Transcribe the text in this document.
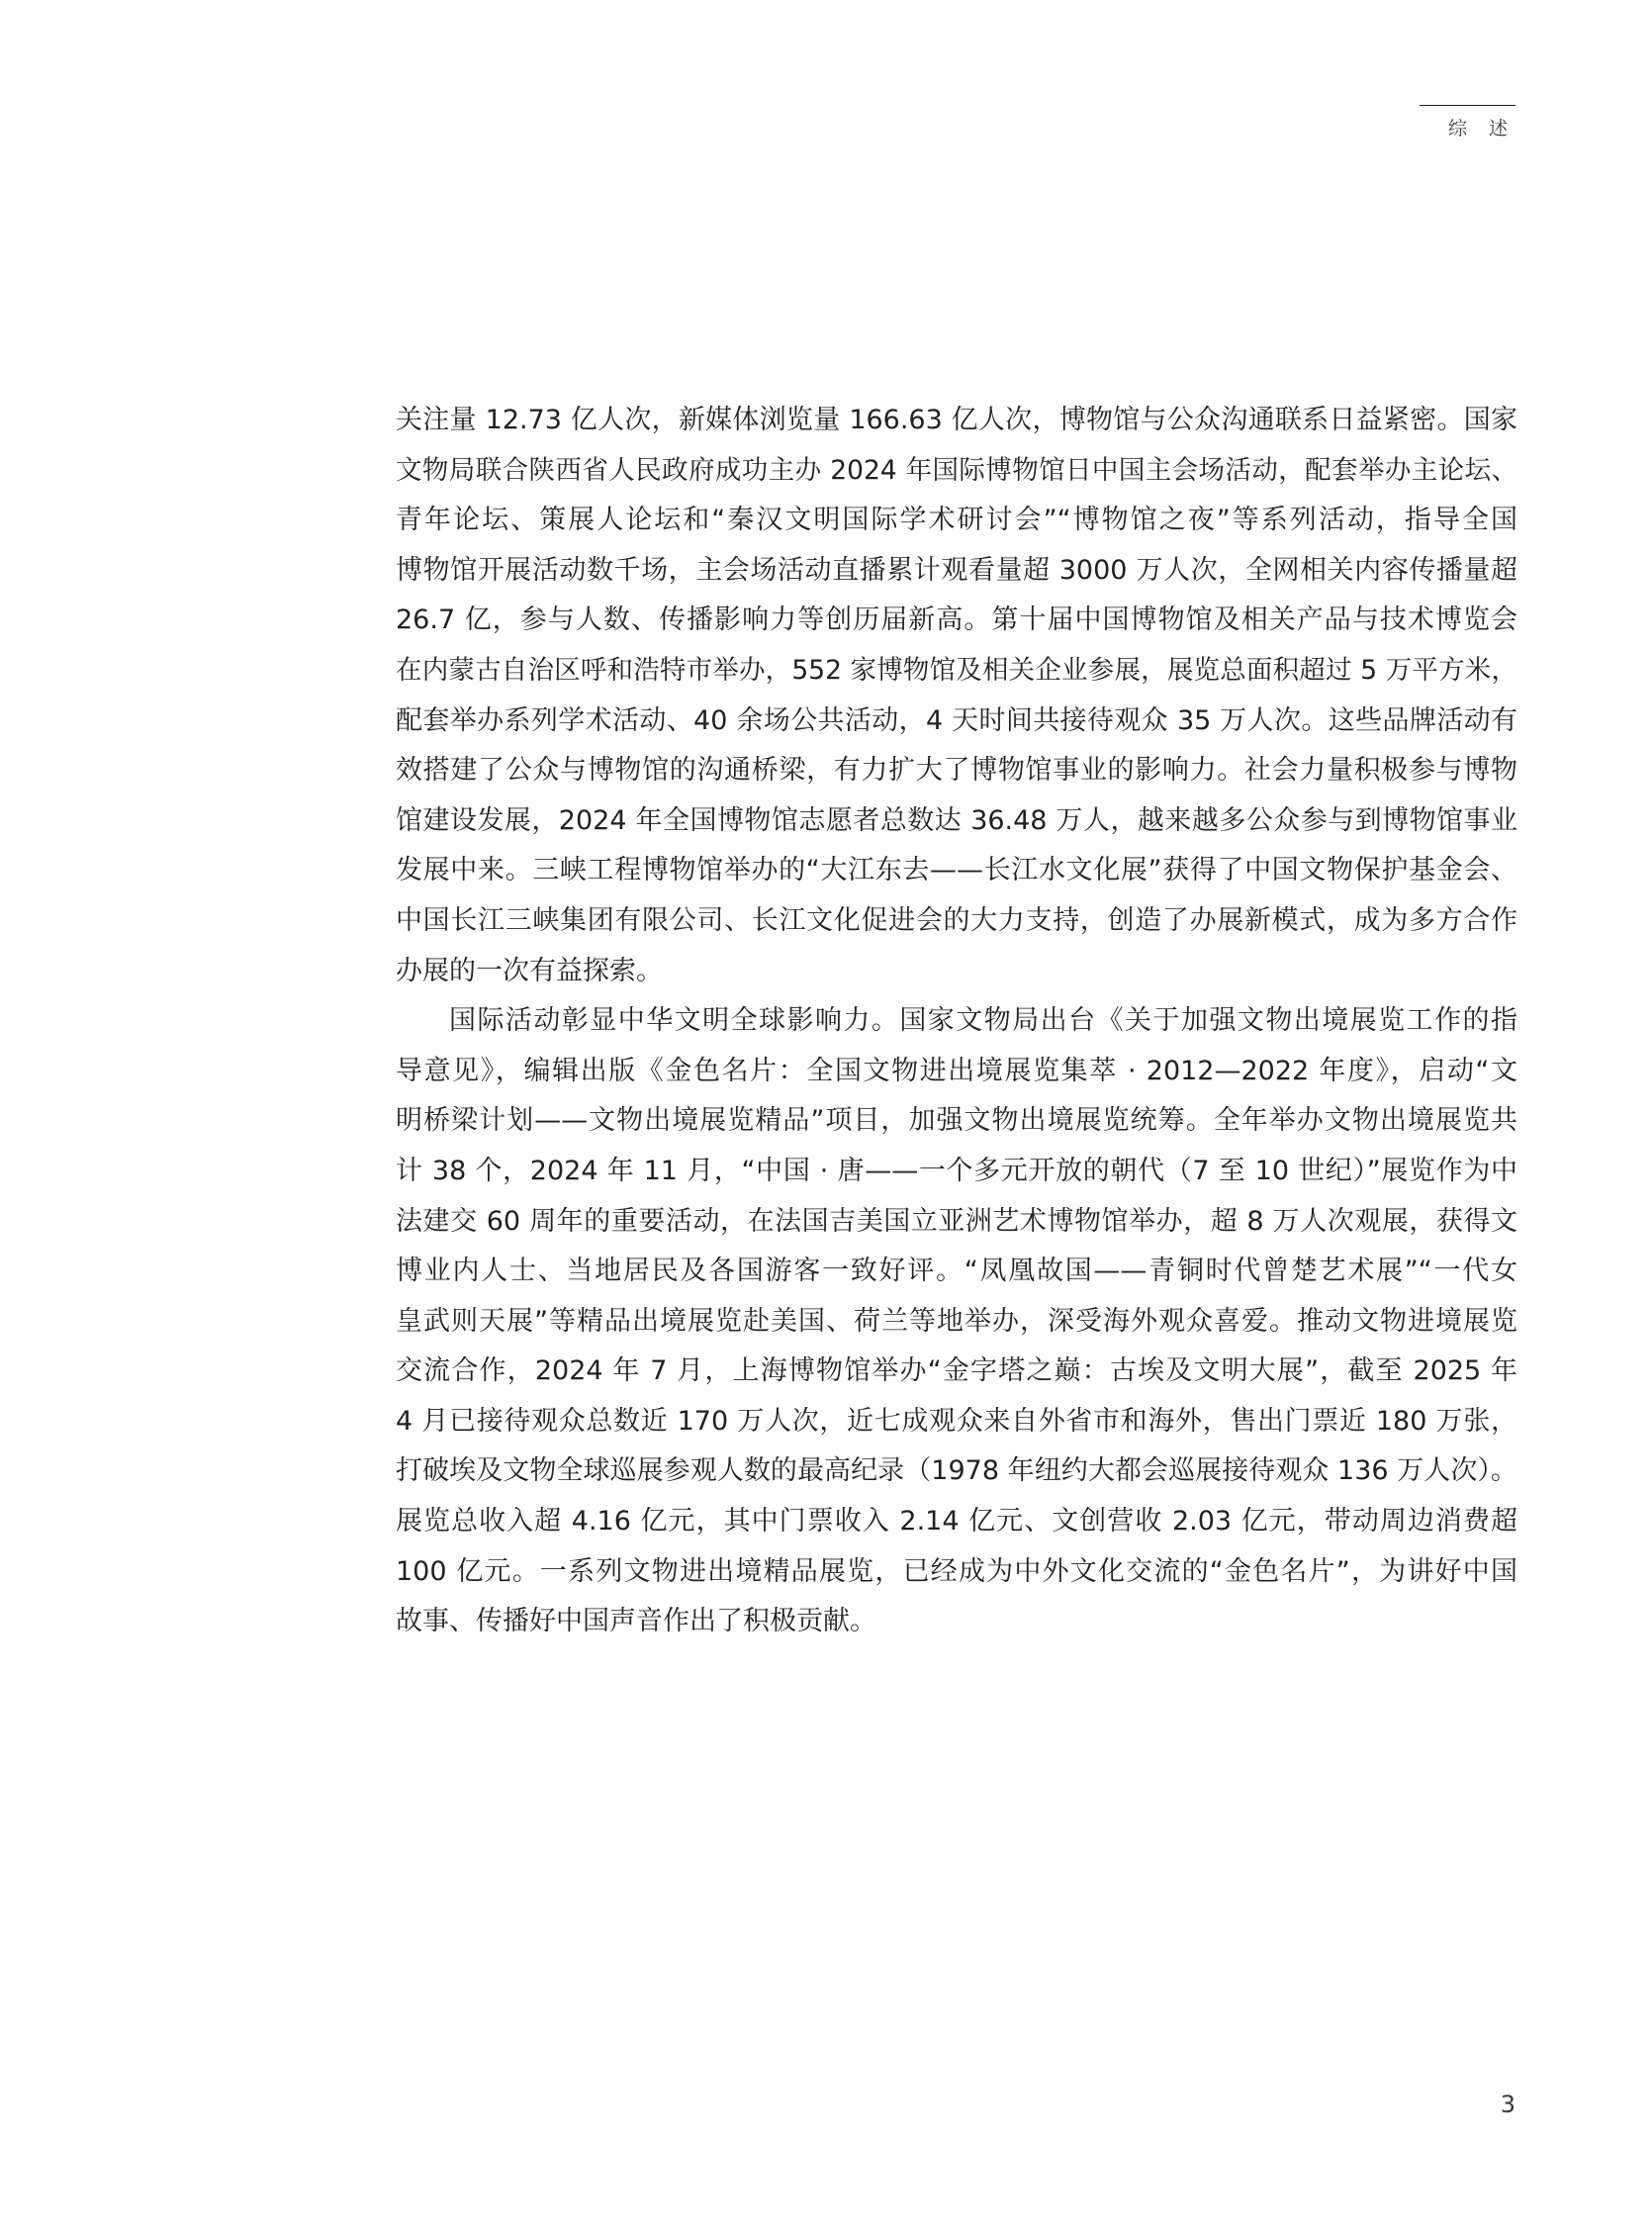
综 述
关注量 12.73 亿人次，新媒体浏览量 166.63 亿人次，博物馆与公众沟通联系日益紧密。国家
文物局联合陕西省人民政府成功主办 2024 年国际博物馆日中国主会场活动，配套举办主论坛、
青年论坛、策展人论坛和“秦汉文明国际学术研讨会”“博物馆之夜”等系列活动，指导全国
博物馆开展活动数千场，主会场活动直播累计观看量超 3000 万人次，全网相关内容传播量超
26.7 亿，参与人数、传播影响力等创历届新高。第十届中国博物馆及相关产品与技术博览会
在内蒙古自治区呼和浩特市举办，552 家博物馆及相关企业参展，展览总面积超过 5 万平方米，
配套举办系列学术活动、40 余场公共活动，4 天时间共接待观众 35 万人次。这些品牌活动有
效搭建了公众与博物馆的沟通桥梁，有力扩大了博物馆事业的影响力。社会力量积极参与博物
馆建设发展，2024 年全国博物馆志愿者总数达 36.48 万人，越来越多公众参与到博物馆事业
发展中来。三峡工程博物馆举办的“大江东去——长江水文化展”获得了中国文物保护基金会、
中国长江三峡集团有限公司、长江文化促进会的大力支持，创造了办展新模式，成为多方合作
办展的一次有益探索。
国际活动彰显中华文明全球影响力。国家文物局出台《关于加强文物出境展览工作的指
导意见》，编辑出版《金色名片：全国文物进出境展览集萃 · 2012—2022 年度》，启动“文
明桥梁计划——文物出境展览精品”项目，加强文物出境展览统筹。全年举办文物出境展览共
计 38 个，2024 年 11 月，“中国 · 唐——一个多元开放的朝代（7 至 10 世纪）”展览作为中
法建交 60 周年的重要活动，在法国吉美国立亚洲艺术博物馆举办，超 8 万人次观展，获得文
博业内人士、当地居民及各国游客一致好评。“凤凰故国——青铜时代曾楚艺术展”“一代女
皇武则天展”等精品出境展览赴美国、荷兰等地举办，深受海外观众喜爱。推动文物进境展览
交流合作，2024 年 7 月，上海博物馆举办“金字塔之巅：古埃及文明大展”，截至 2025 年
4 月已接待观众总数近 170 万人次，近七成观众来自外省市和海外，售出门票近 180 万张，
打破埃及文物全球巡展参观人数的最高纪录（1978 年纽约大都会巡展接待观众 136 万人次）。
展览总收入超 4.16 亿元，其中门票收入 2.14 亿元、文创营收 2.03 亿元，带动周边消费超
100 亿元。一系列文物进出境精品展览，已经成为中外文化交流的“金色名片”，为讲好中国
故事、传播好中国声音作出了积极贡献。
3
